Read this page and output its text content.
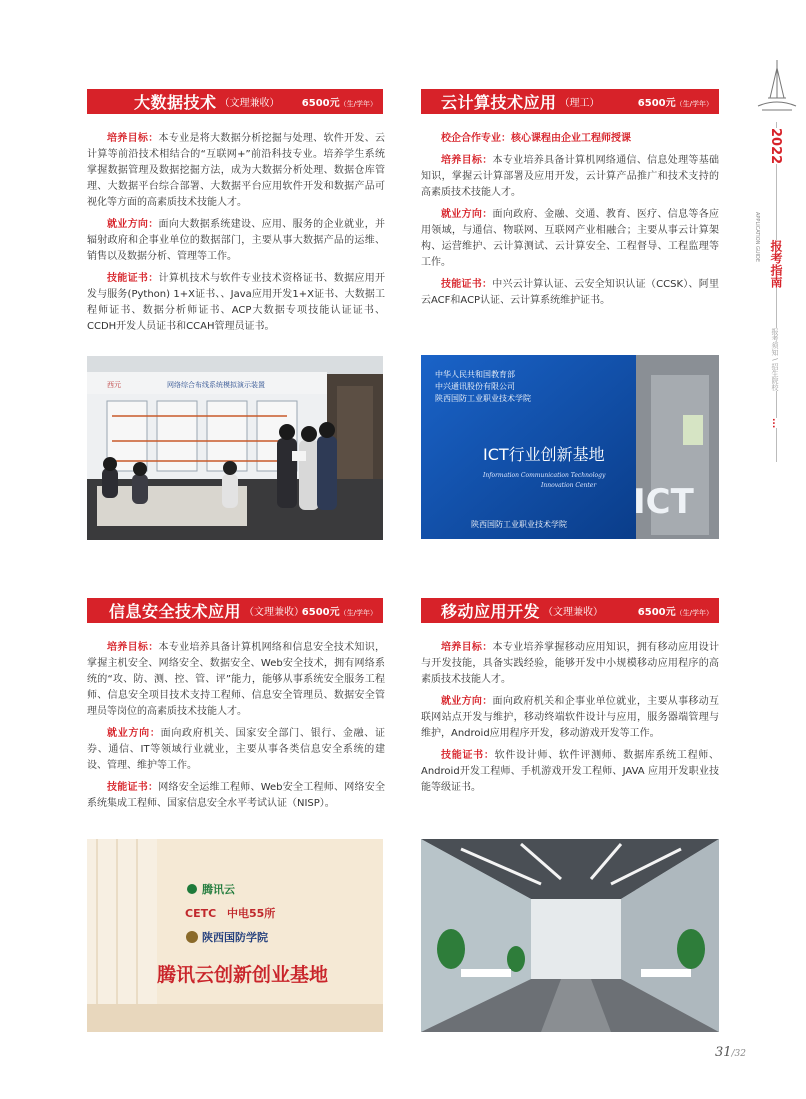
大数据技术 （文理兼收） 6500元（生/学年）

培养目标：本专业是将大数据分析挖掘与处理、软件开发、云计算等前沿技术相结合的“互联网+”前沿科技专业。培养学生系统掌握数据管理及数据挖掘方法，成为大数据分析处理、数据仓库管理、大数据平台综合部署、大数据平台应用软件开发和数据产品可视化等方面的高素质技术技能人才。

就业方向：面向大数据系统建设、应用、服务的企业就业，并辐射政府和企事业单位的数据部门，主要从事大数据产品的运维、销售以及数据分析、管理等工作。

技能证书：计算机技术与软件专业技术资格证书、数据应用开发与服务(Python) 1+X证书、、Java应用开发1+X证书、大数据工程师证书、数据分析师证书、ACP大数据专项技能认证证书、CCDH开发人员证书和CCAH管理员证书。

西元	网络综合布线系统模拟演示装置
云计算技术应用 （理工）	6500元（生/学年）

校企合作专业：核心课程由企业工程师授课

培养目标：本专业培养具备计算机网络通信、信息处理等基础知识，掌握云计算部署及应用开发，云计算产品推广和技术支持的高素质技术技能人才。

就业方向：面向政府、金融、交通、教育、医疗、信息等各应用领域，与通信、物联网、互联网产业相融合；主要从事云计算架构、运营维护、云计算测试、云计算安全、工程督导、工程监理等工作。

技能证书：中兴云计算认证、云安全知识认证（CCSK）、阿里云ACF和ACP认证、云计算系统维护证书。

中华人民共和国教育部
中兴通讯股份有限公司
陕西国防工业职业技术学院
ICT行业创新基地
Information Communication Technology
Innovation Center
陕西国防工业职业技术学院
ICT
信息安全技术应用 （文理兼收）
6500元（生/学年）

培养目标：本专业培养具备计算机网络和信息安全技术知识，掌握主机安全、网络安全、数据安全、Web安全技术，拥有网络系统的“攻、防、测、控、管、评”能力，能够从事系统安全服务工程师、信息安全项目技术支持工程师、信息安全管理员、数据安全管理员等岗位的高素质技术技能人才。

就业方向：面向政府机关、国家安全部门、银行、金融、证券、通信、IT等领域行业就业，主要从事各类信息安全系统的建设、管理、维护等工作。

技能证书：网络安全运维工程师、Web安全工程师、网络安全系统集成工程师、国家信息安全水平考试认证（NISP）。

腾讯云
CETC 中电55所
陕西国防学院
腾讯云创新创业基地
移动应用开发 （文理兼收）	6500元（生/学年）

培养目标：本专业培养掌握移动应用知识，拥有移动应用设计与开发技能，具备实践经验，能够开发中小规模移动应用程序的高素质技术技能人才。

就业方向：面向政府机关和企事业单位就业，主要从事移动互联网站点开发与维护，移动终端软件设计与应用，服务器端管理与维护，Android应用程序开发，移动游戏开发等工作。

技能证书：软件设计师、软件评测师、数据库系统工程师、Android开发工程师、手机游戏开发工程师、JAVA 应用开发职业技能等级证书。

2022
APPLICATION GUIDE
报考指南
报考须知 \ 招生院校
...
31/32
